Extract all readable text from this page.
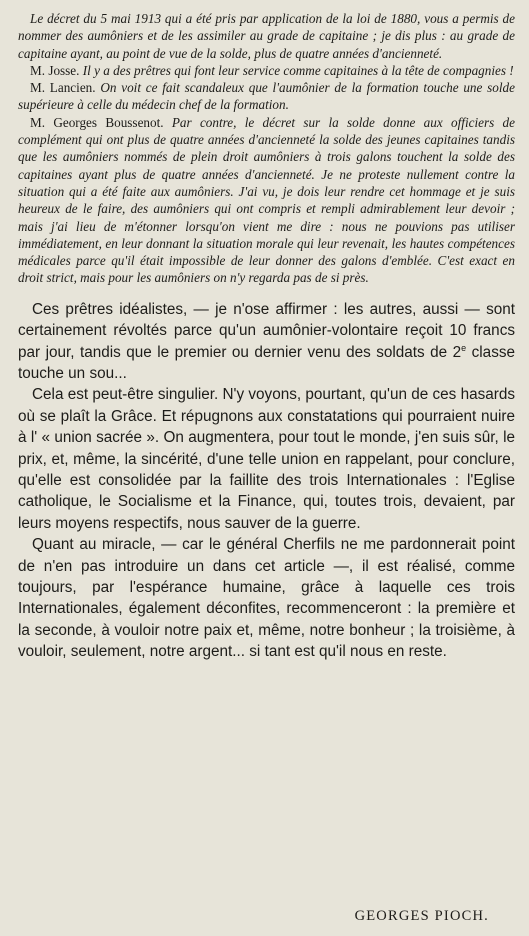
Le décret du 5 mai 1913 qui a été pris par application de la loi de 1880, vous a permis de nommer des aumôniers et de les assimiler au grade de capitaine ; je dis plus : au grade de capitaine ayant, au point de vue de la solde, plus de quatre années d'ancienneté.

M. Josse. Il y a des prêtres qui font leur service comme capitaines à la tête de compagnies !

M. Lancien. On voit ce fait scandaleux que l'aumônier de la formation touche une solde supérieure à celle du médecin chef de la formation.

M. Georges Boussenot. Par contre, le décret sur la solde donne aux officiers de complément qui ont plus de quatre années d'ancienneté la solde des jeunes capitaines tandis que les aumôniers nommés de plein droit aumôniers à trois galons touchent la solde des capitaines ayant plus de quatre années d'ancienneté. Je ne proteste nullement contre la situation qui a été faite aux aumôniers. J'ai vu, je dois leur rendre cet hommage et je suis heureux de le faire, des aumôniers qui ont compris et rempli admirablement leur devoir ; mais j'ai lieu de m'étonner lorsqu'on vient me dire : nous ne pouvions pas utiliser immédiatement, en leur donnant la situation morale qui leur revenait, les hautes compétences médicales parce qu'il était impossible de leur donner des galons d'emblée. C'est exact en droit strict, mais pour les aumôniers on n'y regarda pas de si près.

Ces prêtres idéalistes, — je n'ose affirmer : les autres, aussi — sont certainement révoltés parce qu'un aumônier-volontaire reçoit 10 francs par jour, tandis que le premier ou dernier venu des soldats de 2e classe touche un sou...

Cela est peut-être singulier. N'y voyons, pourtant, qu'un de ces hasards où se plaît la Grâce. Et répugnons aux constatations qui pourraient nuire à l' « union sacrée ». On augmentera, pour tout le monde, j'en suis sûr, le prix, et, même, la sincérité, d'une telle union en rappelant, pour conclure, qu'elle est consolidée par la faillite des trois Internationales : l'Eglise catholique, le Socialisme et la Finance, qui, toutes trois, devaient, par leurs moyens respectifs, nous sauver de la guerre.

Quant au miracle, — car le général Cherfils ne me pardonnerait point de n'en pas introduire un dans cet article —, il est réalisé, comme toujours, par l'espérance humaine, grâce à laquelle ces trois Internationales, également déconfites, recommenceront : la première et la seconde, à vouloir notre paix et, même, notre bonheur ; la troisième, à vouloir, seulement, notre argent... si tant est qu'il nous en reste.

GEORGES PIOCH.
